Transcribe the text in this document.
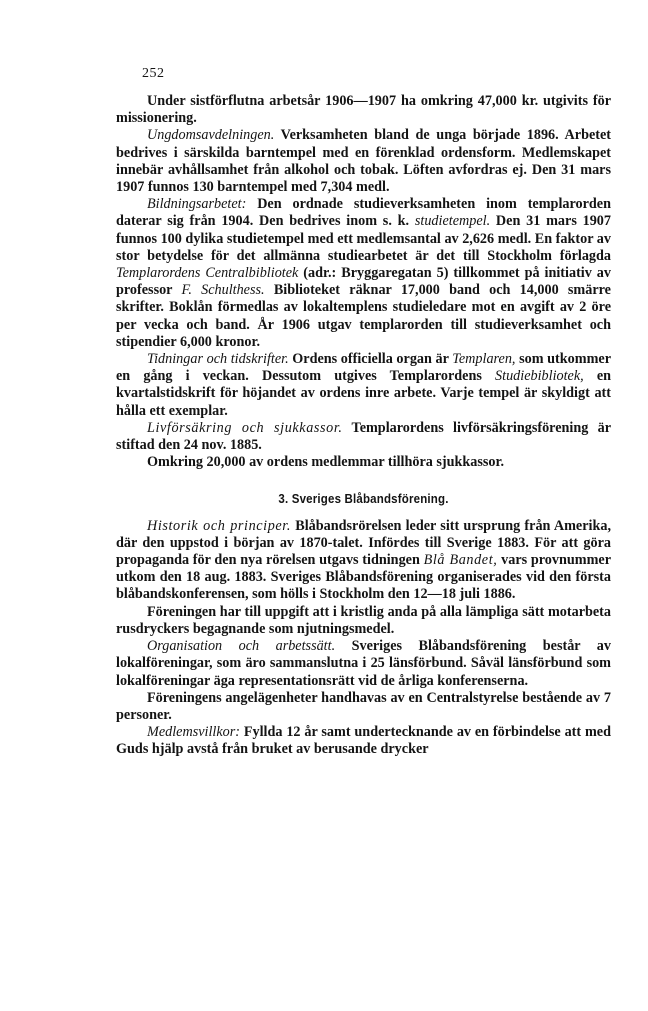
252

Under sistförflutna arbetsår 1906—1907 ha omkring 47,000 kr. utgivits för missionering.

Ungdomsavdelningen. Verksamheten bland de unga började 1896. Arbetet bedrives i särskilda barntempel med en förenklad ordensform. Medlemskapet innebär avhållsamhet från alkohol och tobak. Löften avfordras ej. Den 31 mars 1907 funnos 130 barntempel med 7,304 medl.

Bildningsarbetet: Den ordnade studieverksamheten inom templarorden daterar sig från 1904. Den bedrives inom s. k. studietempel. Den 31 mars 1907 funnos 100 dylika studietempel med ett medlemsantal av 2,626 medl. En faktor av stor betydelse för det allmänna studiearbetet är det till Stockholm förlagda Templarordens Centralbibliotek (adr.: Bryggaregatan 5) tillkommet på initiativ av professor F. Schulthess. Biblioteket räknar 17,000 band och 14,000 smärre skrifter. Boklån förmedlas av lokaltemplens studieledare mot en avgift av 2 öre per vecka och band. År 1906 utgav templarorden till studieverksamhet och stipendier 6,000 kronor.

Tidningar och tidskrifter. Ordens officiella organ är Templaren, som utkommer en gång i veckan. Dessutom utgives Templarordens Studiebibliotek, en kvartalstidskrift för höjandet av ordens inre arbete. Varje tempel är skyldigt att hålla ett exemplar.

Livförsäkring och sjukkassor. Templarordens livförsäkringsförening är stiftad den 24 nov. 1885.

Omkring 20,000 av ordens medlemmar tillhöra sjukkassor.

3. Sveriges Blåbandsförening.

Historik och principer. Blåbandsrörelsen leder sitt ursprung från Amerika, där den uppstod i början av 1870-talet. Infördes till Sverige 1883. För att göra propaganda för den nya rörelsen utgavs tidningen Blå Bandet, vars provnummer utkom den 18 aug. 1883. Sveriges Blåbandsförening organiserades vid den första blåbandskonferensen, som hölls i Stockholm den 12—18 juli 1886.

Föreningen har till uppgift att i kristlig anda på alla lämpliga sätt motarbeta rusdryckers begagnande som njutningsmedel.

Organisation och arbetssätt. Sveriges Blåbandsförening består av lokalföreningar, som äro sammanslutna i 25 länsförbund. Såväl länsförbund som lokalföreningar äga representationsrätt vid de årliga konferenserna.

Föreningens angelägenheter handhavas av en Centralstyrelse bestående av 7 personer.

Medlemsvillkor: Fyllda 12 år samt undertecknande av en förbindelse att med Guds hjälp avstå från bruket av berusande drycker
